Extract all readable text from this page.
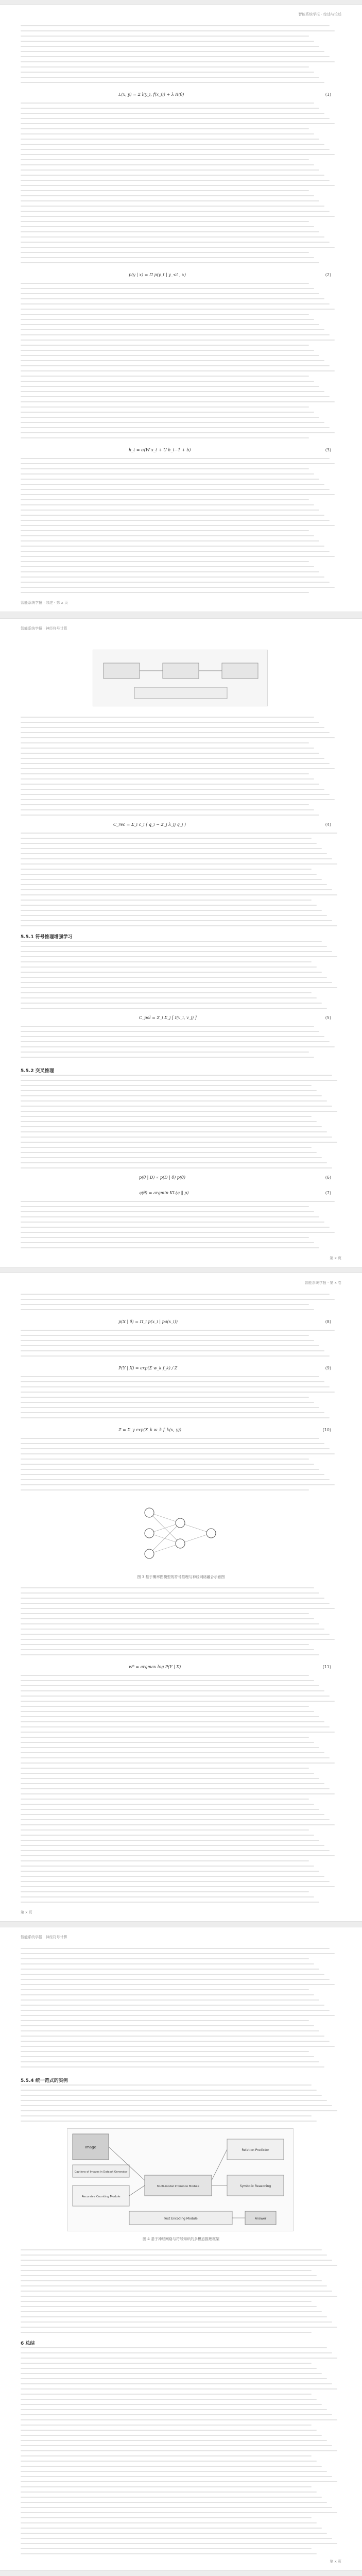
智能系统学报 · 综述与论述
L(x, y) = Σ l(y_i, f(x_i)) + λ R(θ)	(1)
p(y | x) = Π p(y_t | y_<t , x)	(2)
h_t = σ(W x_t + U h_t−1 + b)	(3)
智能系统学报 · 综述 · 第 x 页
智能系统学报 · 神经符号计算
5.5.1 符号推理增强学习
C_rec = Σ_i c_i ( q_i − Σ_j λ_ij q_j )	(4)
C_pol = Σ_i Σ_j [ I(v_i, v_j) ]	(5)
5.5.2 交叉推理
p(θ | D) ∝ p(D | θ) p(θ)	(6)
q(θ) = argmin KL(q ‖ p)	(7)
第 x 页
智能系统学报 · 第 x 卷
p(X | θ) = Π_i p(x_i | pa(x_i))	(8)
P(Y | X) = exp(Σ w_k f_k) / Z	(9)
Z = Σ_y exp(Σ_k w_k f_k(x, y))	(10)
图 3 基于概率图模型的符号推理与神经网络融合示意图
w* = argmax log P(Y | X)	(11)
第 x 页
智能系统学报 · 神经符号计算
Image
Captions of Images in Dataset Generator
Recursive Counting Module
Multi-modal Inference Module
Relation Predictor
Symbolic Reasoning
Text Encoding Module	Answer
图 4 基于神经网络与符号知识的多模态推理框架
5.5.4 统一范式的实例
6 总结
第 x 页
